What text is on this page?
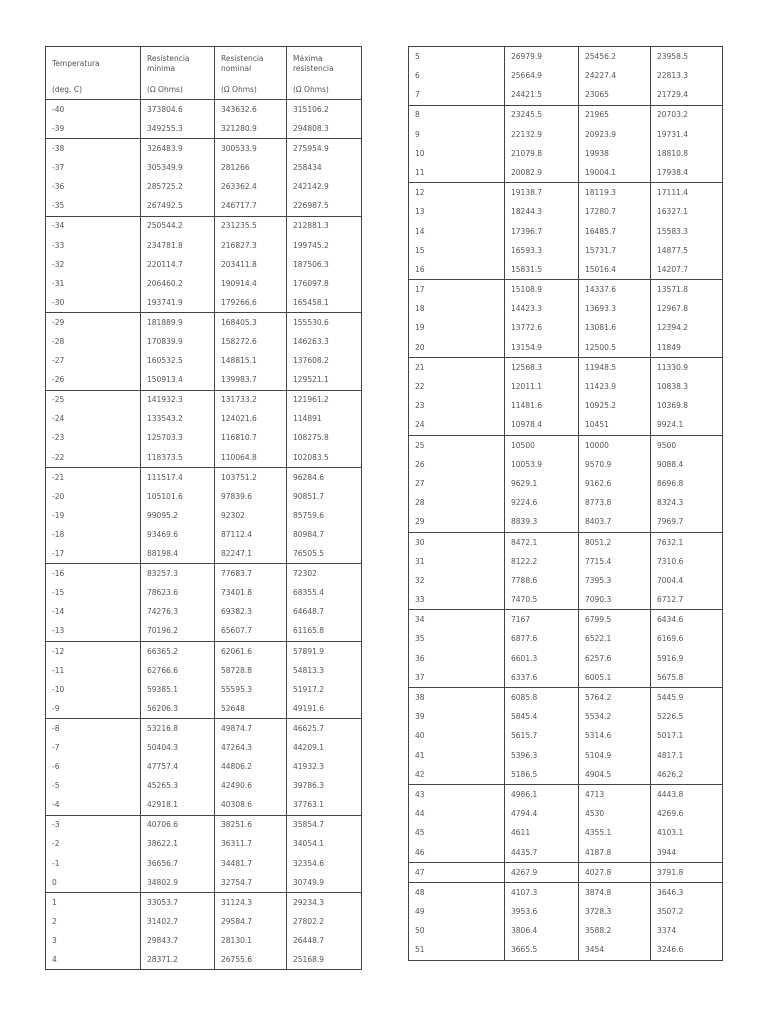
Temperatura	Resistencia mínima	Resistencia nominal	Máxima resistencia
(deg. C)	(Ω Ohms)	(Ω Ohms)	(Ω Ohms)
-40	373804.6	343632.6	315106.2
-39	349255.3	321280.9	294808.3
-38	326483.9	300533.9	275954.9
-37	305349.9	281266	258434
-36	285725.2	263362.4	242142.9
-35	267492.5	246717.7	226987.5
-34	250544.2	231235.5	212881.3
-33	234781.8	216827.3	199745.2
-32	220114.7	203411.8	187506.3
-31	206460.2	190914.4	176097.8
-30	193741.9	179266.6	165458.1
-29	181889.9	168405.3	155530.6
-28	170839.9	158272.6	146263.3
-27	160532.5	148815.1	137608.2
-26	150913.4	139983.7	129521.1
-25	141932.3	131733.2	121961.2
-24	133543.2	124021.6	114891
-23	125703.3	116810.7	108275.8
-22	118373.5	110064.8	102083.5
-21	111517.4	103751.2	96284.6
-20	105101.6	97839.6	90851.7
-19	99095.2	92302	85759.6
-18	93469.6	87112.4	80984.7
-17	88198.4	82247.1	76505.5
-16	83257.3	77683.7	72302
-15	78623.6	73401.8	68355.4
-14	74276.3	69382.3	64648.7
-13	70196.2	65607.7	61165.8
-12	66365.2	62061.6	57891.9
-11	62766.6	58728.8	54813.3
-10	59385.1	55595.3	51917.2
-9	56206.3	52648	49191.6
-8	53216.8	49874.7	46625.7
-7	50404.3	47264.3	44209.1
-6	47757.4	44806.2	41932.3
-5	45265.3	42490.6	39786.3
-4	42918.1	40308.6	37763.1
-3	40706.6	38251.6	35854.7
-2	38622.1	36311.7	34054.1
-1	36656.7	34481.7	32354.6
0	34802.9	32754.7	30749.9
1	33053.7	31124.3	29234.3
2	31402.7	29584.7	27802.2
3	29843.7	28130.1	26448.7
4	28371.2	26755.6	25168.9
5	26979.9	25456.2	23958.5
6	25664.9	24227.4	22813.3
7	24421.5	23065	21729.4
8	23245.5	21965	20703.2
9	22132.9	20923.9	19731.4
10	21079.8	19938	18810.8
11	20082.9	19004.1	17938.4
12	19138.7	18119.3	17111.4
13	18244.3	17280.7	16327.1
14	17396.7	16485.7	15583.3
15	16593.3	15731.7	14877.5
16	15831.5	15016.4	14207.7
17	15108.9	14337.6	13571.8
18	14423.3	13693.3	12967.8
19	13772.6	13081.6	12394.2
20	13154.9	12500.5	11849
21	12568.3	11948.5	11330.9
22	12011.1	11423.9	10838.3
23	11481.6	10925.2	10369.8
24	10978.4	10451	9924.1
25	10500	10000	9500
26	10053.9	9570.9	9088.4
27	9629.1	9162.6	8696.8
28	9224.6	8773.8	8324.3
29	8839.3	8403.7	7969.7
30	8472.1	8051.2	7632.1
31	8122.2	7715.4	7310.6
32	7788.6	7395.3	7004.4
33	7470.5	7090.3	6712.7
34	7167	6799.5	6434.6
35	6877.6	6522.1	6169.6
36	6601.3	6257.6	5916.9
37	6337.6	6005.1	5675.8
38	6085.8	5764.2	5445.9
39	5845.4	5534.2	5226.5
40	5615.7	5314.6	5017.1
41	5396.3	5104.9	4817.1
42	5186.5	4904.5	4626.2
43	4986.1	4713	4443.8
44	4794.4	4530	4269.6
45	4611	4355.1	4103.1
46	4435.7	4187.8	3944
47	4267.9	4027.8	3791.8
48	4107.3	3874.8	3646.3
49	3953.6	3728.3	3507.2
50	3806.4	3588.2	3374
51	3665.5	3454	3246.6
